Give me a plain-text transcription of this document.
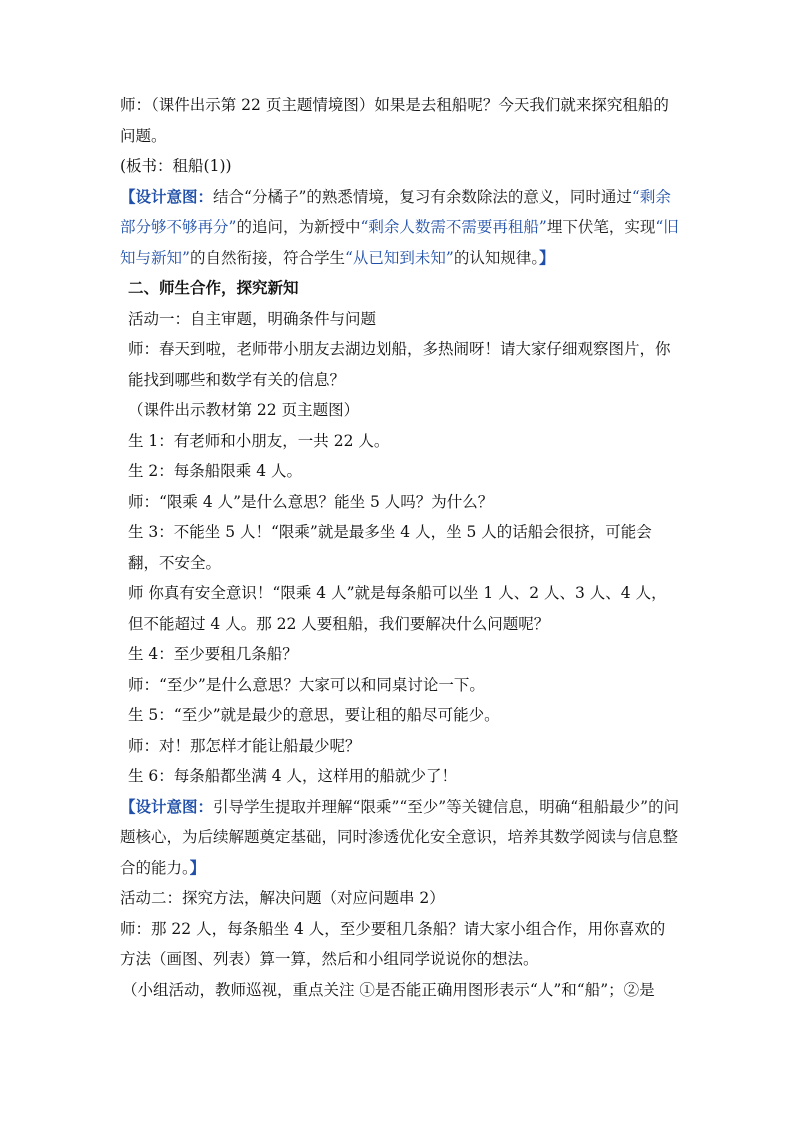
师：（课件出示第 22 页主题情境图）如果是去租船呢？今天我们就来探究租船的问题。

(板书：租船(1))

【设计意图：结合“分橘子”的熟悉情境，复习有余数除法的意义，同时通过“剩余部分够不够再分”的追问，为新授中“剩余人数需不需要再租船”埋下伏笔，实现“旧知与新知”的自然衔接，符合学生“从已知到未知”的认知规律。】

二、师生合作，探究新知

活动一：自主审题，明确条件与问题

师：春天到啦，老师带小朋友去湖边划船，多热闹呀！请大家仔细观察图片，你能找到哪些和数学有关的信息？

（课件出示教材第 22 页主题图）

生 1：有老师和小朋友，一共 22 人。

生 2：每条船限乘 4 人。

师：“限乘 4 人”是什么意思？能坐 5 人吗？为什么？

生 3：不能坐 5 人！“限乘”就是最多坐 4 人，坐 5 人的话船会很挤，可能会翻，不安全。

师 你真有安全意识！“限乘 4 人”就是每条船可以坐 1 人、2 人、3 人、4 人，但不能超过 4 人。那 22 人要租船，我们要解决什么问题呢？

生 4：至少要租几条船？

师：“至少”是什么意思？大家可以和同桌讨论一下。

生 5：“至少”就是最少的意思，要让租的船尽可能少。

师：对！那怎样才能让船最少呢？

生 6：每条船都坐满 4 人，这样用的船就少了！

【设计意图：引导学生提取并理解“限乘”“至少”等关键信息，明确“租船最少”的问题核心，为后续解题奠定基础，同时渗透优化安全意识，培养其数学阅读与信息整合的能力。】

活动二：探究方法，解决问题（对应问题串 2）

师：那 22 人，每条船坐 4 人，至少要租几条船？请大家小组合作，用你喜欢的方法（画图、列表）算一算，然后和小组同学说说你的想法。

（小组活动，教师巡视，重点关注 ①是否能正确用图形表示“人”和“船”；②是
